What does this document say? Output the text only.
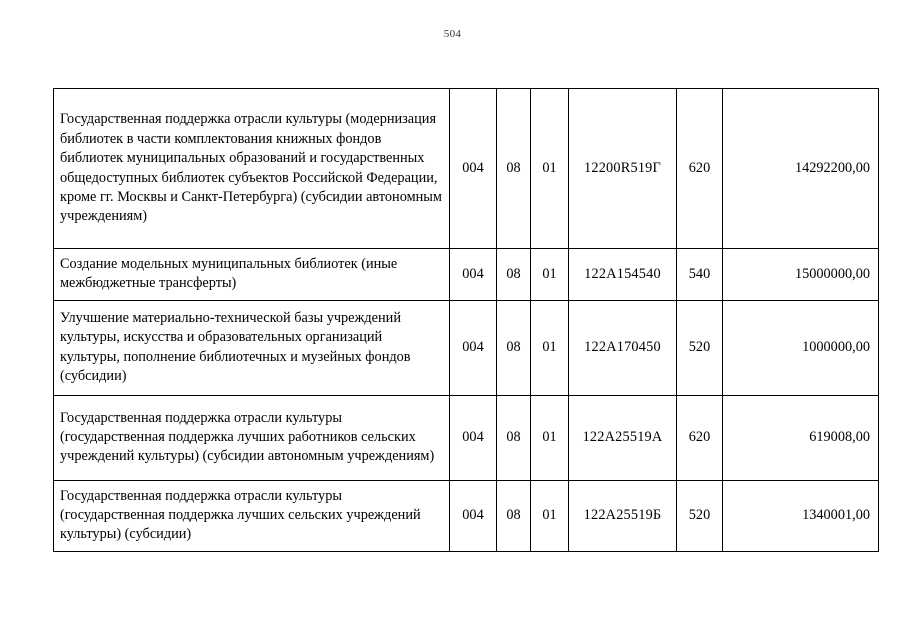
504
Государственная поддержка отрасли культуры (модернизация библиотек в части комплектования книжных фондов библиотек муниципальных образований и государственных общедоступных библиотек субъектов Российской Федерации, кроме гг. Москвы и Санкт-Петербурга) (субсидии автономным учреждениям)	004	08	01	12200R519Г	620	14292200,00
Создание модельных муниципальных библиотек (иные межбюджетные трансферты)	004	08	01	122А154540	540	15000000,00
Улучшение материально-технической базы учреждений культуры, искусства и образовательных организаций культуры, пополнение библиотечных и музейных фондов (субсидии)	004	08	01	122А170450	520	1000000,00
Государственная поддержка отрасли культуры (государственная поддержка лучших работников сельских учреждений культуры) (субсидии автономным учреждениям)	004	08	01	122А25519А	620	619008,00
Государственная поддержка отрасли культуры (государственная поддержка лучших сельских учреждений культуры) (субсидии)	004	08	01	122А25519Б	520	1340001,00
